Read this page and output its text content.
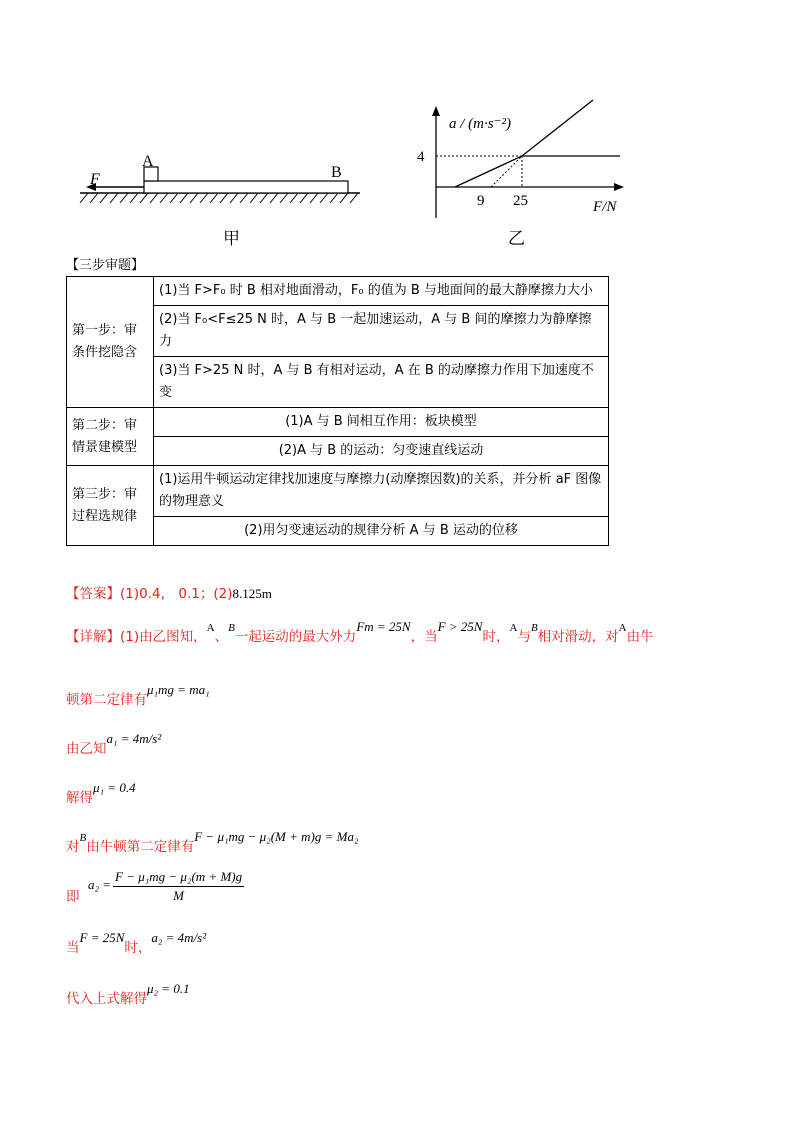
F
A
B
甲
a / (m·s⁻²)
4
9 25	F/N
乙
【三步审题】
第一步：审条件挖隐含	(1)当 F>F₀ 时 B 相对地面滑动，F₀ 的值为 B 与地面间的最大静摩擦力大小
	(2)当 F₀<F≤25 N 时，A 与 B 一起加速运动，A 与 B 间的摩擦力为静摩擦力
	(3)当 F>25 N 时，A 与 B 有相对运动，A 在 B 的动摩擦力作用下加速度不变
第二步：审情景建模型	(1)A 与 B 间相互作用：板块模型
	(2)A 与 B 的运动：匀变速直线运动
第三步：审过程选规律	(1)运用牛顿运动定律找加速度与摩擦力(动摩擦因数)的关系，并分析 aF 图像的物理意义
	(2)用匀变速运动的规律分析 A 与 B 运动的位移
【答案】(1)0.4,　0.1；(2)8.125m
【详解】(1)由乙图知，$^A$、$^B$一起运动的最大外力Fm = 25N，当F > 25N时，$^A$与$^B$相对滑动，对$^A$由牛
顿第二定律有μ₁mg = ma₁
由乙知a₁ = 4m/s²
解得μ₁ = 0.4
对$^B$由牛顿第二定律有F − μ₁mg − μ₂(M + m)g = Ma₂
即
$a_2 = \frac{\text{F − μ₁mg − μ₂(m + M)g}}{M}$
当F = 25N时，a₂ = 4m/s²
代入上式解得μ₂ = 0.1
